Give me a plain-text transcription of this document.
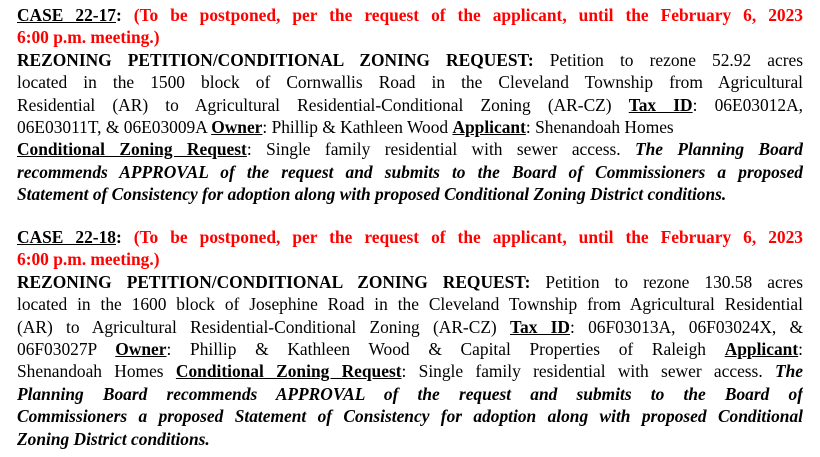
CASE 22-17: (To be postponed, per the request of the applicant, until the February 6, 2023
6:00 p.m. meeting.)
REZONING PETITION/CONDITIONAL ZONING REQUEST: Petition to rezone 52.92 acres
located in the 1500 block of Cornwallis Road in the Cleveland Township from Agricultural
Residential (AR) to Agricultural Residential-Conditional Zoning (AR-CZ) Tax ID: 06E03012A,
06E03011T, & 06E03009A Owner: Phillip & Kathleen Wood Applicant: Shenandoah Homes
Conditional Zoning Request: Single family residential with sewer access. The Planning Board
recommends APPROVAL of the request and submits to the Board of Commissioners a proposed
Statement of Consistency for adoption along with proposed Conditional Zoning District conditions.
CASE 22-18: (To be postponed, per the request of the applicant, until the February 6, 2023
6:00 p.m. meeting.)
REZONING PETITION/CONDITIONAL ZONING REQUEST: Petition to rezone 130.58 acres
located in the 1600 block of Josephine Road in the Cleveland Township from Agricultural Residential
(AR) to Agricultural Residential-Conditional Zoning (AR-CZ) Tax ID: 06F03013A, 06F03024X, &
06F03027P Owner: Phillip & Kathleen Wood & Capital Properties of Raleigh Applicant:
Shenandoah Homes Conditional Zoning Request: Single family residential with sewer access. The
Planning Board recommends APPROVAL of the request and submits to the Board of
Commissioners a proposed Statement of Consistency for adoption along with proposed Conditional
Zoning District conditions.
